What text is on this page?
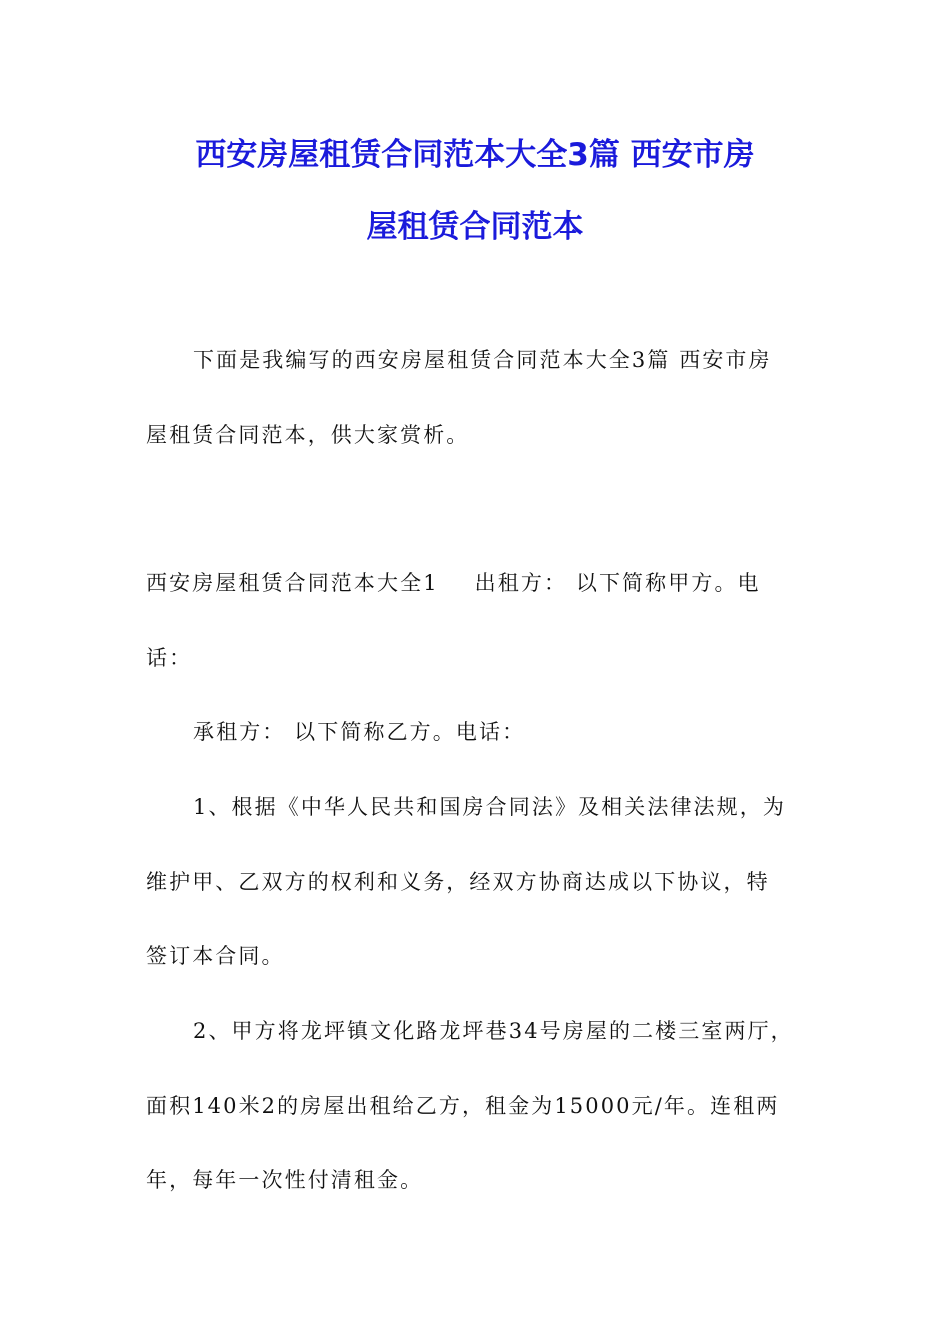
西安房屋租赁合同范本大全3篇 西安市房
屋租赁合同范本
下面是我编写的西安房屋租赁合同范本大全3篇 西安市房
屋租赁合同范本，供大家赏析。
西安房屋租赁合同范本大全1 出租方： 以下简称甲方。电
话：
承租方： 以下简称乙方。电话：
1、根据《中华人民共和国房合同法》及相关法律法规，为
维护甲、乙双方的权利和义务，经双方协商达成以下协议，特
签订本合同。
2、甲方将龙坪镇文化路龙坪巷34号房屋的二楼三室两厅，
面积140米2的房屋出租给乙方，租金为15000元/年。连租两
年，每年一次性付清租金。
